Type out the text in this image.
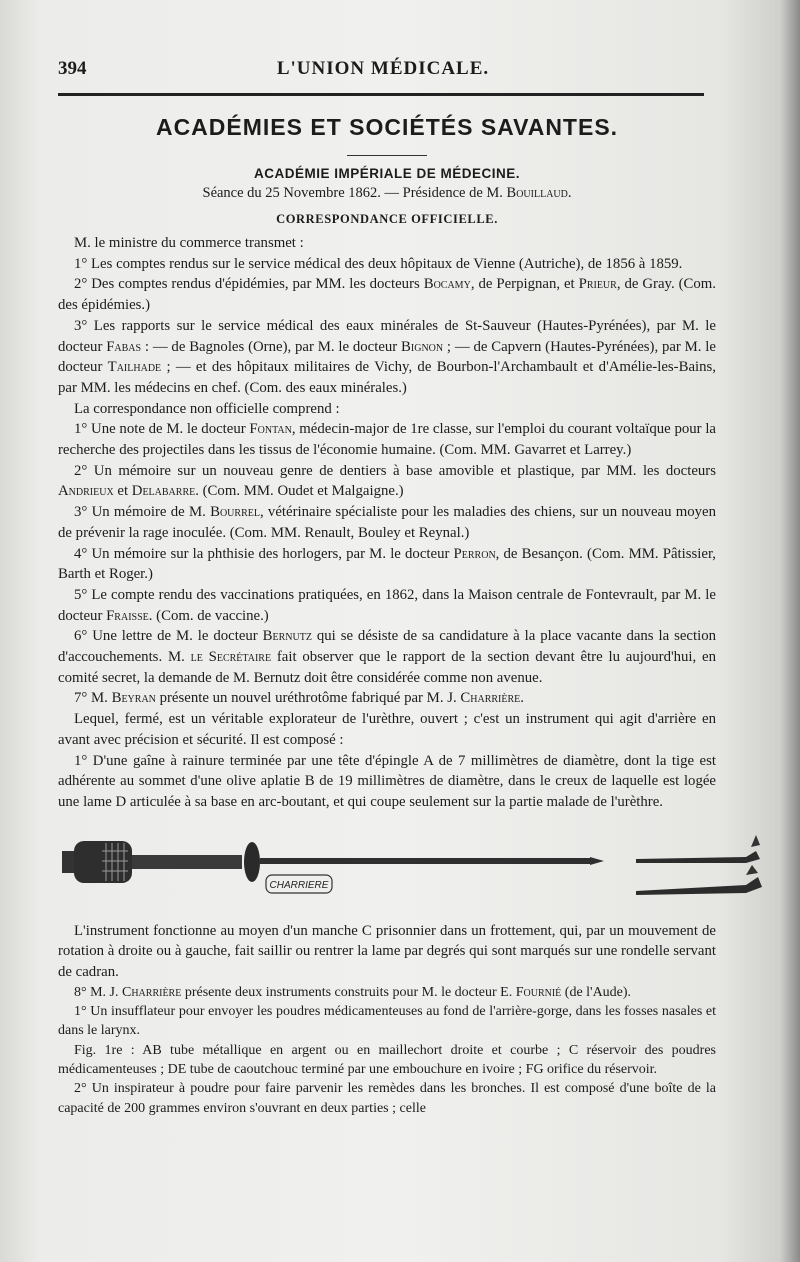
394	L'UNION MÉDICALE.
ACADÉMIES ET SOCIÉTÉS SAVANTES.
ACADÉMIE IMPÉRIALE DE MÉDECINE.
Séance du 25 Novembre 1862. — Présidence de M. Bouillaud.
CORRESPONDANCE OFFICIELLE.

M. le ministre du commerce transmet :

1° Les comptes rendus sur le service médical des deux hôpitaux de Vienne (Autriche), de 1856 à 1859.

2° Des comptes rendus d'épidémies, par MM. les docteurs Bocamy, de Perpignan, et Prieur, de Gray. (Com. des épidémies.)

3° Les rapports sur le service médical des eaux minérales de St-Sauveur (Hautes-Pyrénées), par M. le docteur Fabas : — de Bagnoles (Orne), par M. le docteur Bignon ; — de Capvern (Hautes-Pyrénées), par M. le docteur Tailhade ; — et des hôpitaux militaires de Vichy, de Bourbon-l'Archambault et d'Amélie-les-Bains, par MM. les médecins en chef. (Com. des eaux minérales.)

La correspondance non officielle comprend :

1° Une note de M. le docteur Fontan, médecin-major de 1re classe, sur l'emploi du courant voltaïque pour la recherche des projectiles dans les tissus de l'économie humaine. (Com. MM. Gavarret et Larrey.)

2° Un mémoire sur un nouveau genre de dentiers à base amovible et plastique, par MM. les docteurs Andrieux et Delabarre. (Com. MM. Oudet et Malgaigne.)

3° Un mémoire de M. Bourrel, vétérinaire spécialiste pour les maladies des chiens, sur un nouveau moyen de prévenir la rage inoculée. (Com. MM. Renault, Bouley et Reynal.)

4° Un mémoire sur la phthisie des horlogers, par M. le docteur Perron, de Besançon. (Com. MM. Pâtissier, Barth et Roger.)

5° Le compte rendu des vaccinations pratiquées, en 1862, dans la Maison centrale de Fontevrault, par M. le docteur Fraisse. (Com. de vaccine.)

6° Une lettre de M. le docteur Bernutz qui se désiste de sa candidature à la place vacante dans la section d'accouchements. M. le Secrétaire fait observer que le rapport de la section devant être lu aujourd'hui, en comité secret, la demande de M. Bernutz doit être considérée comme non avenue.

7° M. Beyran présente un nouvel uréthrotôme fabriqué par M. J. Charrière.

Lequel, fermé, est un véritable explorateur de l'urèthre, ouvert ; c'est un instrument qui agit d'arrière en avant avec précision et sécurité. Il est composé :

1° D'une gaîne à rainure terminée par une tête d'épingle A de 7 millimètres de diamètre, dont la tige est adhérente au sommet d'une olive aplatie B de 19 millimètres de diamètre, dans le creux de laquelle est logée une lame D articulée à sa base en arc-boutant, et qui coupe seulement sur la partie malade de l'urèthre.

CHARRIERE

L'instrument fonctionne au moyen d'un manche C prisonnier dans un frottement, qui, par un mouvement de rotation à droite ou à gauche, fait saillir ou rentrer la lame par degrés qui sont marqués sur une rondelle servant de cadran.

8° M. J. Charrière présente deux instruments construits pour M. le docteur E. Fournié (de l'Aude).

1° Un insufflateur pour envoyer les poudres médicamenteuses au fond de l'arrière-gorge, dans les fosses nasales et dans le larynx.

Fig. 1re : AB tube métallique en argent ou en maillechort droite et courbe ; C réservoir des poudres médicamenteuses ; DE tube de caoutchouc terminé par une embouchure en ivoire ; FG orifice du réservoir.

2° Un inspirateur à poudre pour faire parvenir les remèdes dans les bronches. Il est composé d'une boîte de la capacité de 200 grammes environ s'ouvrant en deux parties ; celle
